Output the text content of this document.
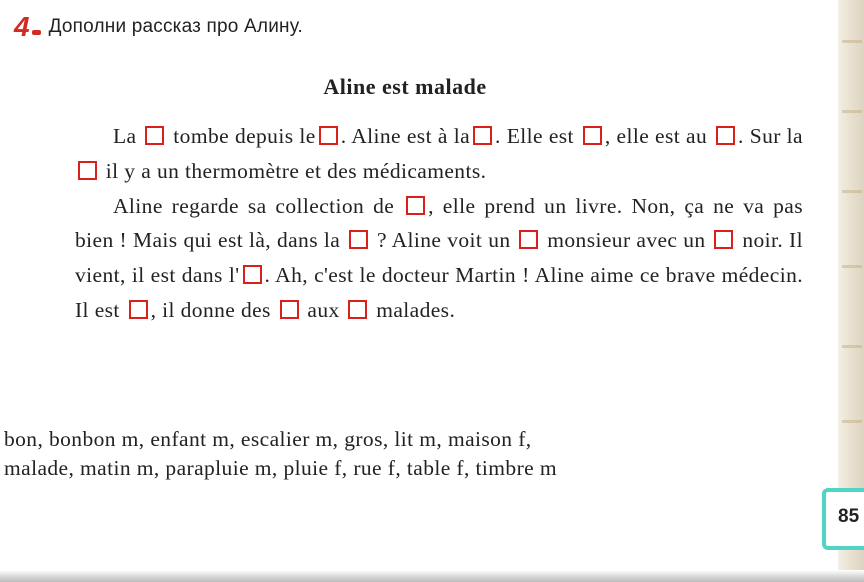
4 Дополни рассказ про Алину.
Aline est malade

La tombe depuis le . Aline est à la . Elle est , elle est au . Sur la  il y a un thermomètre et des médicaments.

Aline regarde sa collection de , elle prend un livre. Non, ça ne va pas bien ! Mais qui est là, dans la ? Aline voit un monsieur avec un noir. Il vient, il est dans l' . Ah, c'est le docteur Martin ! Aline aime ce brave médecin. Il est , il donne des aux malades.

bon, bonbon m, enfant m, escalier m, gros, lit m, maison f,

malade, matin m, parapluie m, pluie f, rue f, table f, timbre m

85
